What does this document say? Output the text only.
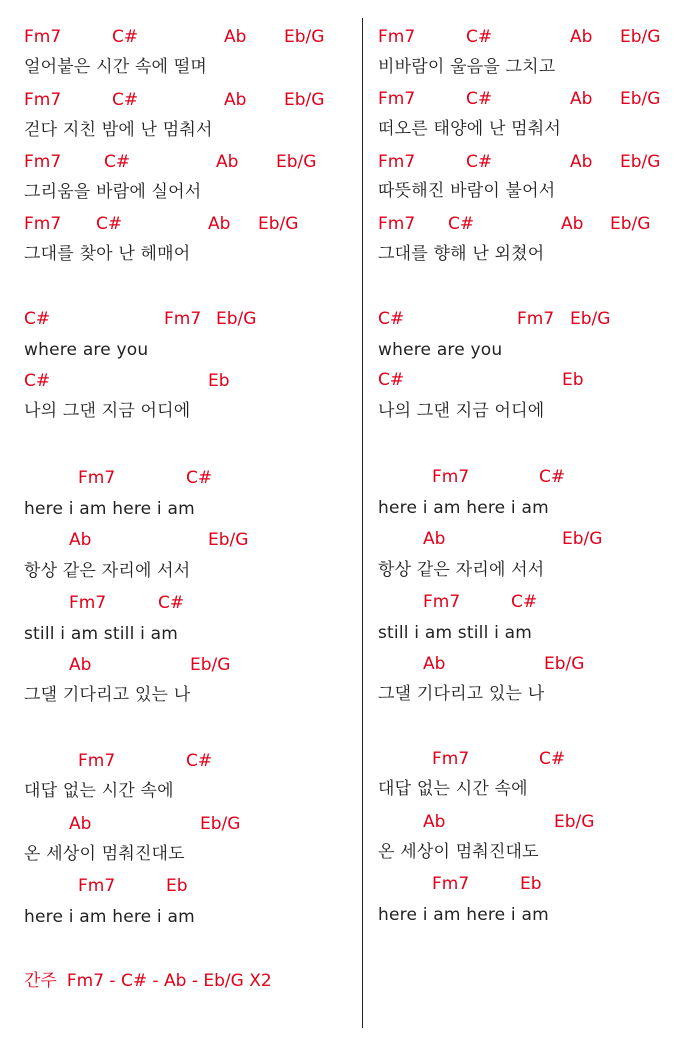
Fm7	C#	Ab Eb/G
얼어붙은 시간 속에 떨며
Fm7	C#	Ab Eb/G
걷다 지친 밤에 난 멈춰서
Fm7	C#	Ab Eb/G
그리움을 바람에 실어서
Fm7 C#	Ab Eb/G
그대를 찾아 난 헤매어
C#	Fm7 Eb/G
where are you
C#	Eb
나의 그댄 지금 어디에
Fm7	C#
here i am here i am
Ab	Eb/G
항상 같은 자리에 서서
Fm7	C#
still i am still i am
Ab	Eb/G
그댈 기다리고 있는 나
Fm7	C#
대답 없는 시간 속에
Ab	Eb/G
온 세상이 멈춰진대도
Fm7	Eb
here i am here i am
간주 Fm7 - C# - Ab - Eb/G X2
Fm7	C#	Ab Eb/G
비바람이 울음을 그치고
Fm7	C#	Ab Eb/G
떠오른 태양에 난 멈춰서
Fm7	C#	Ab Eb/G
따뜻해진 바람이 불어서
Fm7 C#	Ab Eb/G
그대를 향해 난 외쳤어
C#	Fm7 Eb/G
where are you
C#	Eb
나의 그댄 지금 어디에
Fm7	C#
here i am here i am
Ab	Eb/G
항상 같은 자리에 서서
Fm7	C#
still i am still i am
Ab	Eb/G
그댈 기다리고 있는 나
Fm7	C#
대답 없는 시간 속에
Ab	Eb/G
온 세상이 멈춰진대도
Fm7	Eb
here i am here i am
